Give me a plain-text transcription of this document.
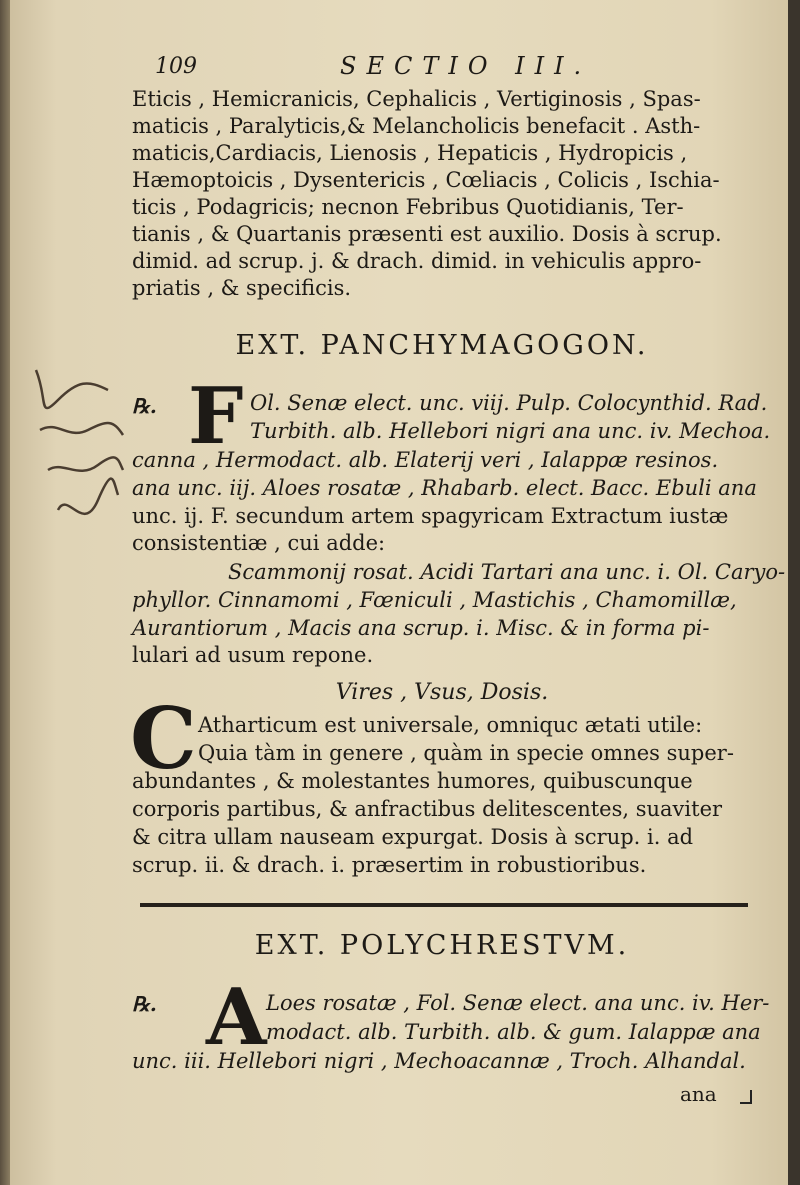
109	SECTIO III.
Eticis , Hemicranicis, Cephalicis , Vertiginosis , Spas-
maticis , Paralyticis,& Melancholicis benefacit . Asth-
maticis,Cardiacis, Lienosis , Hepaticis , Hydropicis ,
Hæmoptoicis , Dysentericis , Cœliacis , Colicis , Ischia-
ticis , Podagricis; necnon Febribus Quotidianis, Ter-
tianis , & Quartanis præsenti est auxilio. Dosis à scrup.
dimid. ad scrup. j. & drach. dimid. in vehiculis appro-
priatis , & specificis.
EXT. PANCHYMAGOGON.
℞. F Ol. Senæ elect. unc. viij. Pulp. Colocynthid. Rad.
Turbith. alb. Hellebori nigri ana unc. iv. Mechoa.
canna , Hermodact. alb. Elaterij veri , Ialappæ resinos.
ana unc. iij. Aloes rosatæ , Rhabarb. elect. Bacc. Ebuli ana
unc. ij. F. secundum artem spagyricam Extractum iustæ
consistentiæ , cui adde:
Scammonij rosat. Acidi Tartari ana unc. i. Ol. Caryo-
phyllor. Cinnamomi , Fœniculi , Mastichis , Chamomillæ,
Aurantiorum , Macis ana scrup. i. Misc. & in forma pi-
lulari ad usum repone.
Vires , Vsus, Dosis.
C Atharticum est universale, omniquc ætati utile:
Quia tàm in genere , quàm in specie omnes super-
abundantes , & molestantes humores, quibuscunque
corporis partibus, & anfractibus delitescentes, suaviter
& citra ullam nauseam expurgat. Dosis à scrup. i. ad
scrup. ii. & drach. i. præsertim in robustioribus.
EXT. POLYCHRESTVM.
℞. A Loes rosatæ , Fol. Senæ elect. ana unc. iv. Her-
modact. alb. Turbith. alb. & gum. Ialappæ ana
unc. iii. Hellebori nigri , Mechoacannæ , Troch. Alhandal.
ana
